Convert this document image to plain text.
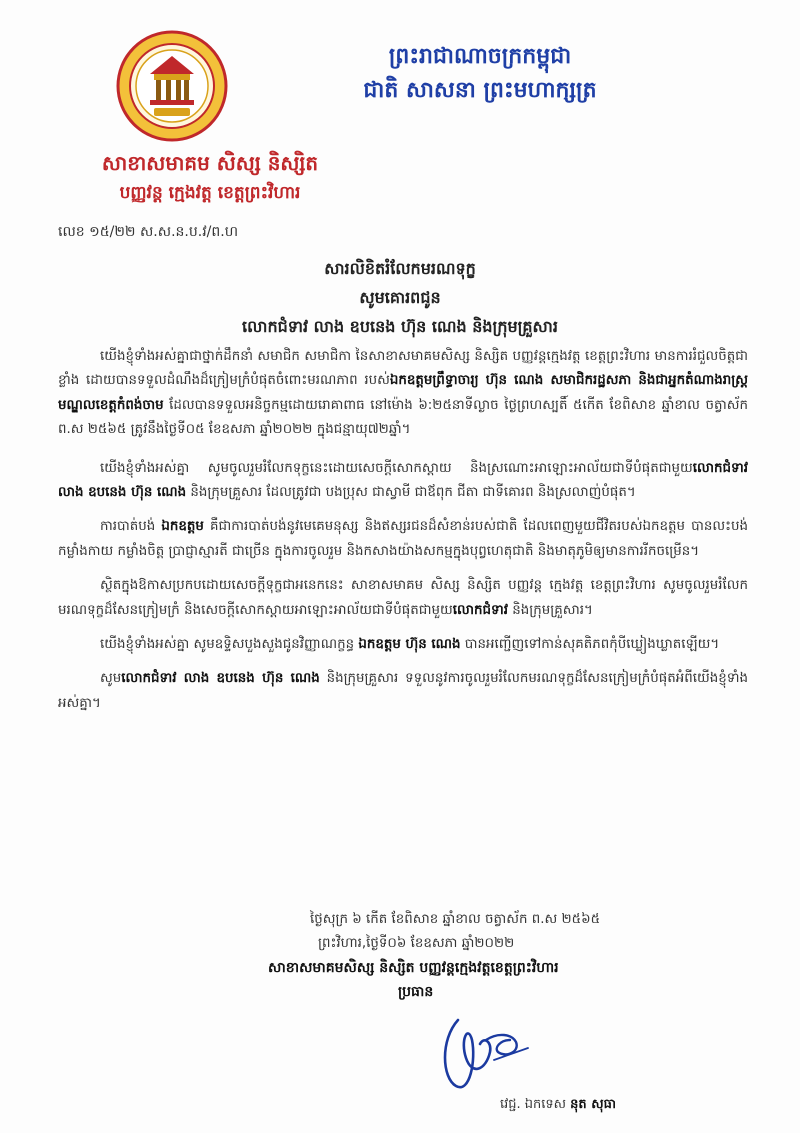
ព្រះរាជាណាចក្រកម្ពុជា
ជាតិ សាសនា ព្រះមហាក្សត្រ
សាខាសមាគម សិស្ស និស្សិត
បញ្ញវន្ត ក្មេងវត្ត ខេត្តព្រះវិហារ
លេខ ១៥/២២ ស.ស.ន.ប.វ/ព.ហ
សារលិខិតរំលែកមរណទុក្ខ
សូមគោរពជូន
លោកជំទាវ លាង ឧបនេង ហ៊ុន ណេង និងក្រុមគ្រួសារ

យើងខ្ញុំទាំងអស់គ្នាជាថ្នាក់ដឹកនាំ សមាជិក សមាជិកា នៃសាខាសមាគមសិស្ស និស្សិត បញ្ញវន្តក្មេងវត្ត ខេត្តព្រះវិហារ មានការរំជួលចិត្តជាខ្លាំង ដោយបានទទួលដំណឹងដ៏ក្រៀមក្រំបំផុតចំពោះមរណភាព របស់ឯកឧត្តមព្រឹទ្ធាចារ្យ ហ៊ុន ណេង សមាជិករដ្ឋសភា និងជាអ្នកតំណាងរាស្ត្រមណ្ឌលខេត្តកំពង់ចាម ដែលបានទទួលអនិច្ចកម្មដោយរោគាពាធ នៅម៉ោង ៦:២៥នាទីល្ងាច ថ្ងៃព្រហស្បតិ៍ ៥កើត ខែពិសាខ ឆ្នាំខាល ចត្វាស័ក ព.ស ២៥៦៥ ត្រូវនឹងថ្ងៃទី០៥ ខែឧសភា ឆ្នាំ២០២២ ក្នុងជន្មាយុ៧២ឆ្នាំ។

យើងខ្ញុំទាំងអស់គ្នា សូមចូលរួមរំលែកទុក្ខនេះដោយសេចក្ដីសោកស្ដាយ និងស្រណោះអាឡោះអាល័យជាទីបំផុតជាមួយលោកជំទាវ លាង ឧបនេង ហ៊ុន ណេង និងក្រុមគ្រួសារ ដែលត្រូវជា បងប្រុស ជាស្វាមី ជាឪពុក ជីតា ជាទីគោរព និងស្រលាញ់បំផុត។

ការបាត់បង់ ឯកឧត្តម គឺជាការបាត់បង់នូវមេគេមនុស្ស និងឥស្សរជនដ៏សំខាន់របស់ជាតិ ដែលពេញមួយជីវិតរបស់ឯកឧត្តម បានលះបង់កម្លាំងកាយ កម្លាំងចិត្ត ប្រាជ្ញាស្មារតី ជាច្រើន ក្នុងការចូលរួម និងកសាងយ៉ាងសកម្មក្នុងបុព្វហេតុជាតិ និងមាតុភូមិឲ្យមានការរីកចម្រើន។

ស្ថិតក្នុងឱកាសប្រកបដោយសេចក្ដីទុក្ខជាអនេកនេះ សាខាសមាគម សិស្ស និស្សិត បញ្ញវន្ត ក្មេងវត្ត ខេត្តព្រះវិហារ សូមចូលរួមរំលែកមរណទុក្ខដ៏សែនក្រៀមក្រំ និងសេចក្ដីសោកស្ដាយអាឡោះអាល័យជាទីបំផុតជាមួយលោកជំទាវ និងក្រុមគ្រួសារ។

យើងខ្ញុំទាំងអស់គ្នា សូមឧទ្ទិសបួងសួងជូនវិញ្ញាណក្ខន្ធ ឯកឧត្តម ហ៊ុន ណេង បានអញ្ជើញទៅកាន់សុគតិភពកុំបីឃ្លៀងឃ្លាតឡើយ។

សូមលោកជំទាវ លាង ឧបនេង ហ៊ុន ណេង និងក្រុមគ្រួសារ ទទួលនូវការចូលរួមរំលែកមរណទុក្ខដ៏សែនក្រៀមក្រំបំផុតអំពីយើងខ្ញុំទាំងអស់គ្នា។

ថ្ងៃសុក្រ ៦ កើត ខែពិសាខ ឆ្នាំខាល ចត្វាស័ក ព.ស ២៥៦៥
ព្រះវិហារ,ថ្ងៃទី០៦ ខែឧសភា ឆ្នាំ២០២២
សាខាសមាគមសិស្ស និស្សិត បញ្ញវន្តក្មេងវត្តខេត្តព្រះវិហារ
ប្រធាន
វេជ្ជ. ឯកទេស នុត សុធា
